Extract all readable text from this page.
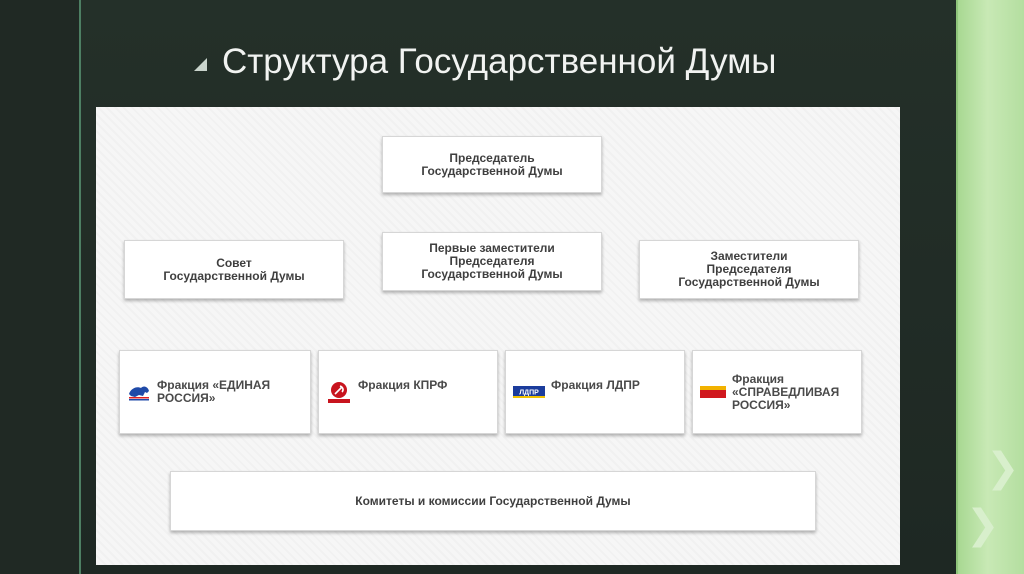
❯
❯
Структура Государственной Думы
Председатель
Государственной Думы
Совет
Государственной Думы
Первые заместители
Председателя
Государственной Думы
Заместители
Председателя
Государственной Думы
Фракция «ЕДИНАЯ
РОССИЯ»
Фракция КПРФ
ЛДПР
Фракция ЛДПР	Фракция
«СПРАВЕДЛИВАЯ
РОССИЯ»
Комитеты и комиссии Государственной Думы
